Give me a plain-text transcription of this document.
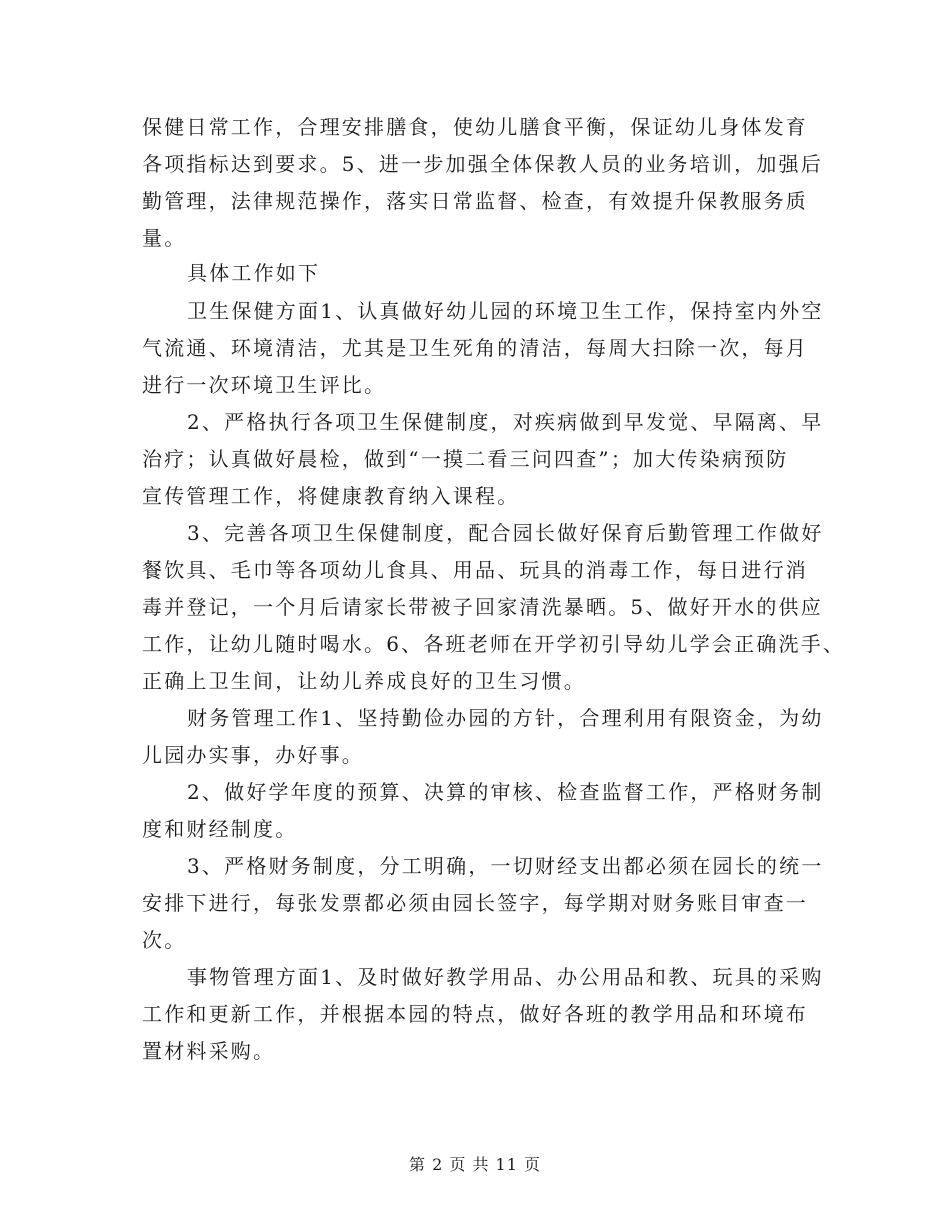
保健日常工作，合理安排膳食，使幼儿膳食平衡，保证幼儿身体发育
各项指标达到要求。5、进一步加强全体保教人员的业务培训，加强后
勤管理，法律规范操作，落实日常监督、检查，有效提升保教服务质
量。
具体工作如下
卫生保健方面1、认真做好幼儿园的环境卫生工作，保持室内外空
气流通、环境清洁，尤其是卫生死角的清洁，每周大扫除一次，每月
进行一次环境卫生评比。
2、严格执行各项卫生保健制度，对疾病做到早发觉、早隔离、早
治疗；认真做好晨检，做到“一摸二看三问四查”；加大传染病预防
宣传管理工作，将健康教育纳入课程。
3、完善各项卫生保健制度，配合园长做好保育后勤管理工作做好
餐饮具、毛巾等各项幼儿食具、用品、玩具的消毒工作，每日进行消
毒并登记，一个月后请家长带被子回家清洗暴晒。5、做好开水的供应
工作，让幼儿随时喝水。6、各班老师在开学初引导幼儿学会正确洗手、
正确上卫生间，让幼儿养成良好的卫生习惯。
财务管理工作1、坚持勤俭办园的方针，合理利用有限资金，为幼
儿园办实事，办好事。
2、做好学年度的预算、决算的审核、检查监督工作，严格财务制
度和财经制度。
3、严格财务制度，分工明确，一切财经支出都必须在园长的统一
安排下进行，每张发票都必须由园长签字，每学期对财务账目审查一
次。
事物管理方面1、及时做好教学用品、办公用品和教、玩具的采购
工作和更新工作，并根据本园的特点，做好各班的教学用品和环境布
置材料采购。
第 2 页 共 11 页
